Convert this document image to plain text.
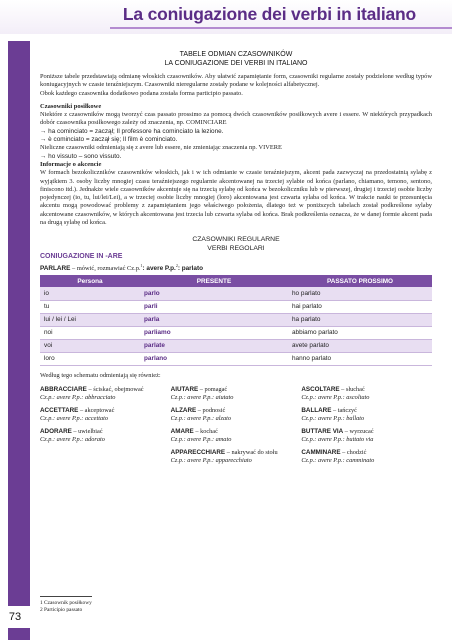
La coniugazione dei verbi in italiano
TABELE ODMIAN CZASOWNIKÓW
LA CONIUGAZIONE DEI VERBI IN ITALIANO

Poniższe tabele przedstawiają odmianę włoskich czasowników. Aby ułatwić zapamiętanie form, czasowniki regularne zostały podzielone według typów koniugacyjnych w czasie teraźniejszym. Czasowniki nieregularne zostały podane w kolejności alfabetycznej.

Obok każdego czasownika dodatkowo podana została forma participio passato.

Czasowniki posiłkowe

Niektóre z czasowników mogą tworzyć czas passato prossimo za pomocą dwóch czasowników posiłkowych avere i essere. W niektórych przypadkach dobór czasownika posiłkowego zależy od znaczenia, np. COMINCIARE

→ ha cominciato = zaczął; Il professore ha cominciato la lezione.

→ è cominciato = zaczął się; Il film è cominciato.

Nieliczne czasowniki odmieniają się z avere lub essere, nie zmieniając znaczenia np. VIVERE

→ ho vissuto – sono vissuto.

Informacje o akcencie

W formach bezokoliczników czasowników włoskich, jak i w ich odmianie w czasie teraźniejszym, akcent pada zazwyczaj na przedostatnią sylabę z wyjątkiem 3. osoby liczby mnogiej czasu teraźniejszego regularnie akcentowanej na trzeciej sylabie od końca (parlano, chiamano, temono, sentono, finiscono itd.). Jednakże wiele czasowników akcentuje się na trzecią sylabę od końca w bezokoliczniku lub w pierwszej, drugiej i trzeciej osobie liczby pojedynczej (io, tu, lui/lei/Lei), a w trzeciej osobie liczby mnogiej (loro) akcentowana jest czwarta sylaba od końca. W trakcie nauki te przesunięcia akcentu mogą powodować problemy z zapamiętaniem jego właściwego położenia, dlatego też w poniższych tabelach został podkreślone sylaby akcentowane czasowników, w których akcentowana jest trzecia lub czwarta sylaba od końca. Brak podkreślenia oznacza, że w danej formie akcent pada na drugą sylabę od końca.

CZASOWNIKI REGULARNE
VERBI REGOLARI
CONIUGAZIONE IN -ARE
PARLARE – mówić, rozmawiać Cz.p.$^1$: avere P.p.$^2$: parlato
Persona	PRESENTE	PASSATO PROSSIMO
io	parlo	ho parlato
tu	parli	hai parlato
lui / lei / Lei	parla	ha parlato
noi	parliamo	abbiamo parlato
voi	parlate	avete parlato
loro	parlano	hanno parlato

Według tego schematu odmieniają się również:

ABBRACCIARE – ściskać, obejmować
Cz.p.: avere P.p.: abbracciato
ACCETTARE – akceptować
Cz.p.: avere P.p.: accettato
ADORARE – uwielbiać
Cz.p.: avere P.p.: adorato
AIUTARE – pomagać
Cz.p.: avere P.p.: aiutato
ALZARE – podnosić
Cz.p.: avere P.p.: alzato
AMARE – kochać
Cz.p.: avere P.p.: amato
APPARECCHIARE – nakrywać do stołu
Cz.p.: avere P.p.: apparecchiato
ASCOLTARE – słuchać
Cz.p.: avere P.p.: ascoltato
BALLARE – tańczyć
Cz.p.: avere P.p.: ballato
BUTTARE VIA – wyrzucać
Cz.p.: avere P.p.: buttato via
CAMMINARE – chodzić
Cz.p.: avere P.p.: camminato
1 Czasownik posiłkowy
2 Participio passato
73
